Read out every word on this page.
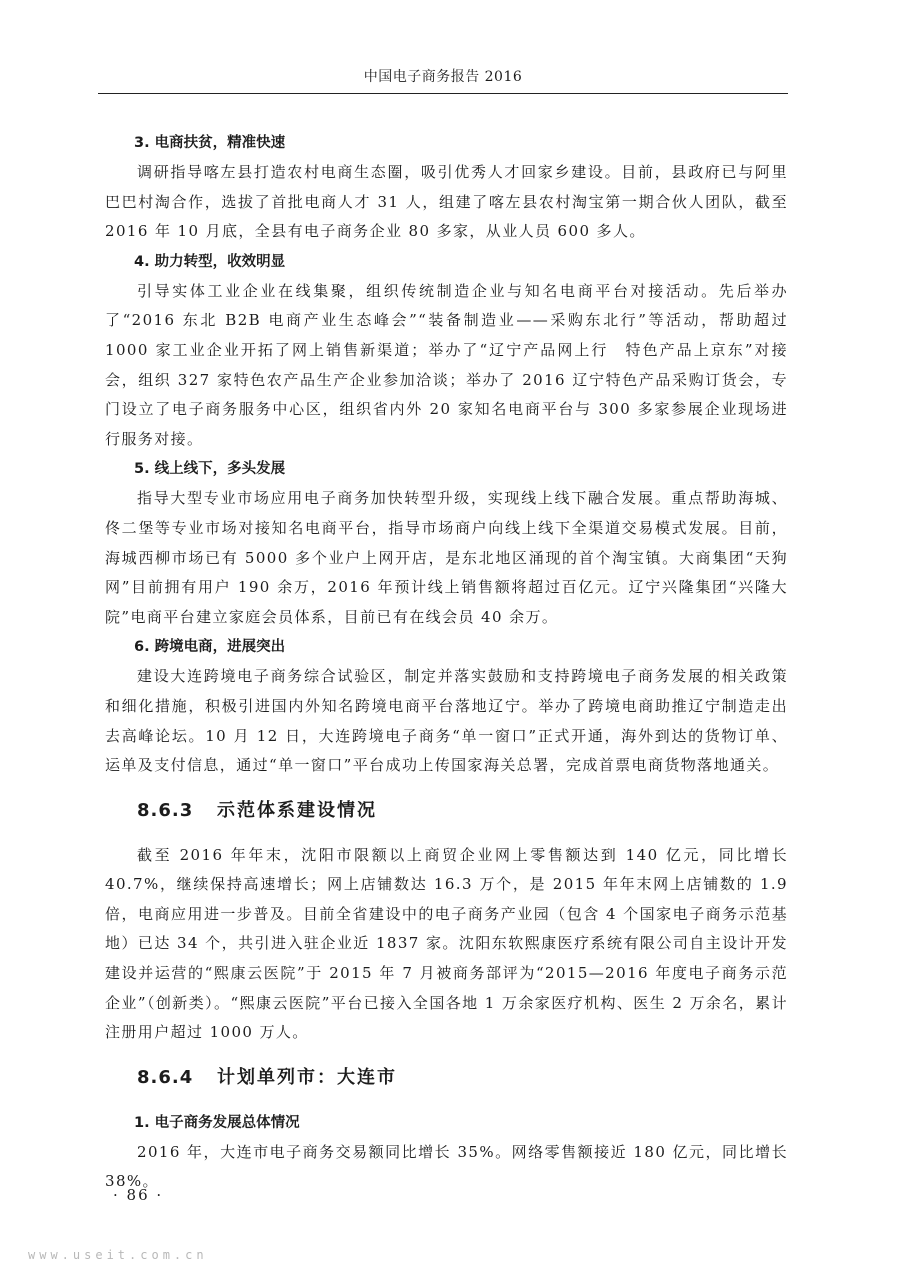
中国电子商务报告 2016

3. 电商扶贫，精准快速

调研指导喀左县打造农村电商生态圈，吸引优秀人才回家乡建设。目前，县政府已与阿里巴巴村淘合作，选拔了首批电商人才 31 人，组建了喀左县农村淘宝第一期合伙人团队，截至 2016 年 10 月底，全县有电子商务企业 80 多家，从业人员 600 多人。

4. 助力转型，收效明显

引导实体工业企业在线集聚，组织传统制造企业与知名电商平台对接活动。先后举办了“2016 东北 B2B 电商产业生态峰会”“装备制造业——采购东北行”等活动，帮助超过 1000 家工业企业开拓了网上销售新渠道；举办了“辽宁产品网上行　特色产品上京东”对接会，组织 327 家特色农产品生产企业参加洽谈；举办了 2016 辽宁特色产品采购订货会，专门设立了电子商务服务中心区，组织省内外 20 家知名电商平台与 300 多家参展企业现场进行服务对接。

5. 线上线下，多头发展

指导大型专业市场应用电子商务加快转型升级，实现线上线下融合发展。重点帮助海城、佟二堡等专业市场对接知名电商平台，指导市场商户向线上线下全渠道交易模式发展。目前，海城西柳市场已有 5000 多个业户上网开店，是东北地区涌现的首个淘宝镇。大商集团“天狗网”目前拥有用户 190 余万，2016 年预计线上销售额将超过百亿元。辽宁兴隆集团“兴隆大院”电商平台建立家庭会员体系，目前已有在线会员 40 余万。

6. 跨境电商，进展突出

建设大连跨境电子商务综合试验区，制定并落实鼓励和支持跨境电子商务发展的相关政策和细化措施，积极引进国内外知名跨境电商平台落地辽宁。举办了跨境电商助推辽宁制造走出去高峰论坛。10 月 12 日，大连跨境电子商务“单一窗口”正式开通，海外到达的货物订单、运单及支付信息，通过“单一窗口”平台成功上传国家海关总署，完成首票电商货物落地通关。

8.6.3 示范体系建设情况

截至 2016 年年末，沈阳市限额以上商贸企业网上零售额达到 140 亿元，同比增长 40.7%，继续保持高速增长；网上店铺数达 16.3 万个，是 2015 年年末网上店铺数的 1.9 倍，电商应用进一步普及。目前全省建设中的电子商务产业园（包含 4 个国家电子商务示范基地）已达 34 个，共引进入驻企业近 1837 家。沈阳东软熙康医疗系统有限公司自主设计开发建设并运营的“熙康云医院”于 2015 年 7 月被商务部评为“2015—2016 年度电子商务示范企业”（创新类）。“熙康云医院”平台已接入全国各地 1 万余家医疗机构、医生 2 万余名，累计注册用户超过 1000 万人。

8.6.4 计划单列市：大连市

1. 电子商务发展总体情况

2016 年，大连市电子商务交易额同比增长 35%。网络零售额接近 180 亿元，同比增长 38%。

· 86 ·
www.useit.com.cn
